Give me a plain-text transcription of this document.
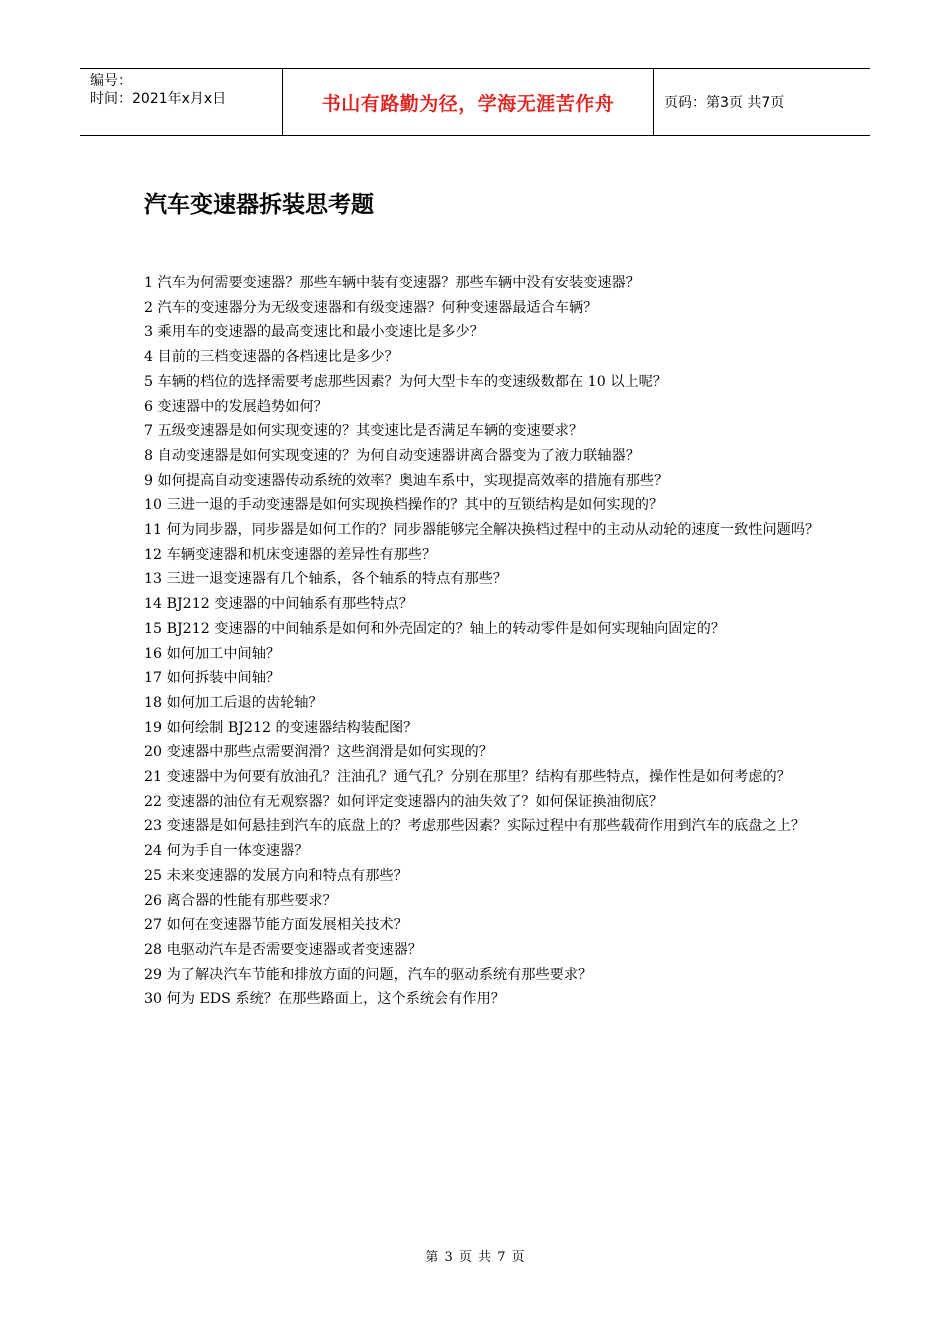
编号：
时间：2021年x月x日	书山有路勤为径，学海无涯苦作舟	页码：第3页 共7页
汽车变速器拆装思考题
1 汽车为何需要变速器？那些车辆中装有变速器？那些车辆中没有安装变速器？
2 汽车的变速器分为无级变速器和有级变速器？何种变速器最适合车辆？
3 乘用车的变速器的最高变速比和最小变速比是多少？
4 目前的三档变速器的各档速比是多少？
5 车辆的档位的选择需要考虑那些因素？为何大型卡车的变速级数都在 10 以上呢？
6 变速器中的发展趋势如何？
7 五级变速器是如何实现变速的？其变速比是否满足车辆的变速要求？
8 自动变速器是如何实现变速的？为何自动变速器讲离合器变为了液力联轴器？
9 如何提高自动变速器传动系统的效率？奥迪车系中，实现提高效率的措施有那些？
10 三进一退的手动变速器是如何实现换档操作的？其中的互锁结构是如何实现的？
11 何为同步器，同步器是如何工作的？同步器能够完全解决换档过程中的主动从动轮的速度一致性问题吗？
12 车辆变速器和机床变速器的差异性有那些？
13 三进一退变速器有几个轴系，各个轴系的特点有那些？
14 BJ212 变速器的中间轴系有那些特点？
15 BJ212 变速器的中间轴系是如何和外壳固定的？轴上的转动零件是如何实现轴向固定的？
16 如何加工中间轴？
17 如何拆装中间轴？
18 如何加工后退的齿轮轴？
19 如何绘制 BJ212 的变速器结构装配图？
20 变速器中那些点需要润滑？这些润滑是如何实现的？
21 变速器中为何要有放油孔？注油孔？通气孔？分别在那里？结构有那些特点，操作性是如何考虑的？
22 变速器的油位有无观察器？如何评定变速器内的油失效了？如何保证换油彻底？
23 变速器是如何悬挂到汽车的底盘上的？考虑那些因素？实际过程中有那些载荷作用到汽车的底盘之上？
24 何为手自一体变速器？
25 未来变速器的发展方向和特点有那些？
26 离合器的性能有那些要求？
27 如何在变速器节能方面发展相关技术？
28 电驱动汽车是否需要变速器或者变速器？
29 为了解决汽车节能和排放方面的问题，汽车的驱动系统有那些要求？
30 何为 EDS 系统？在那些路面上，这个系统会有作用？
第 3 页 共 7 页
